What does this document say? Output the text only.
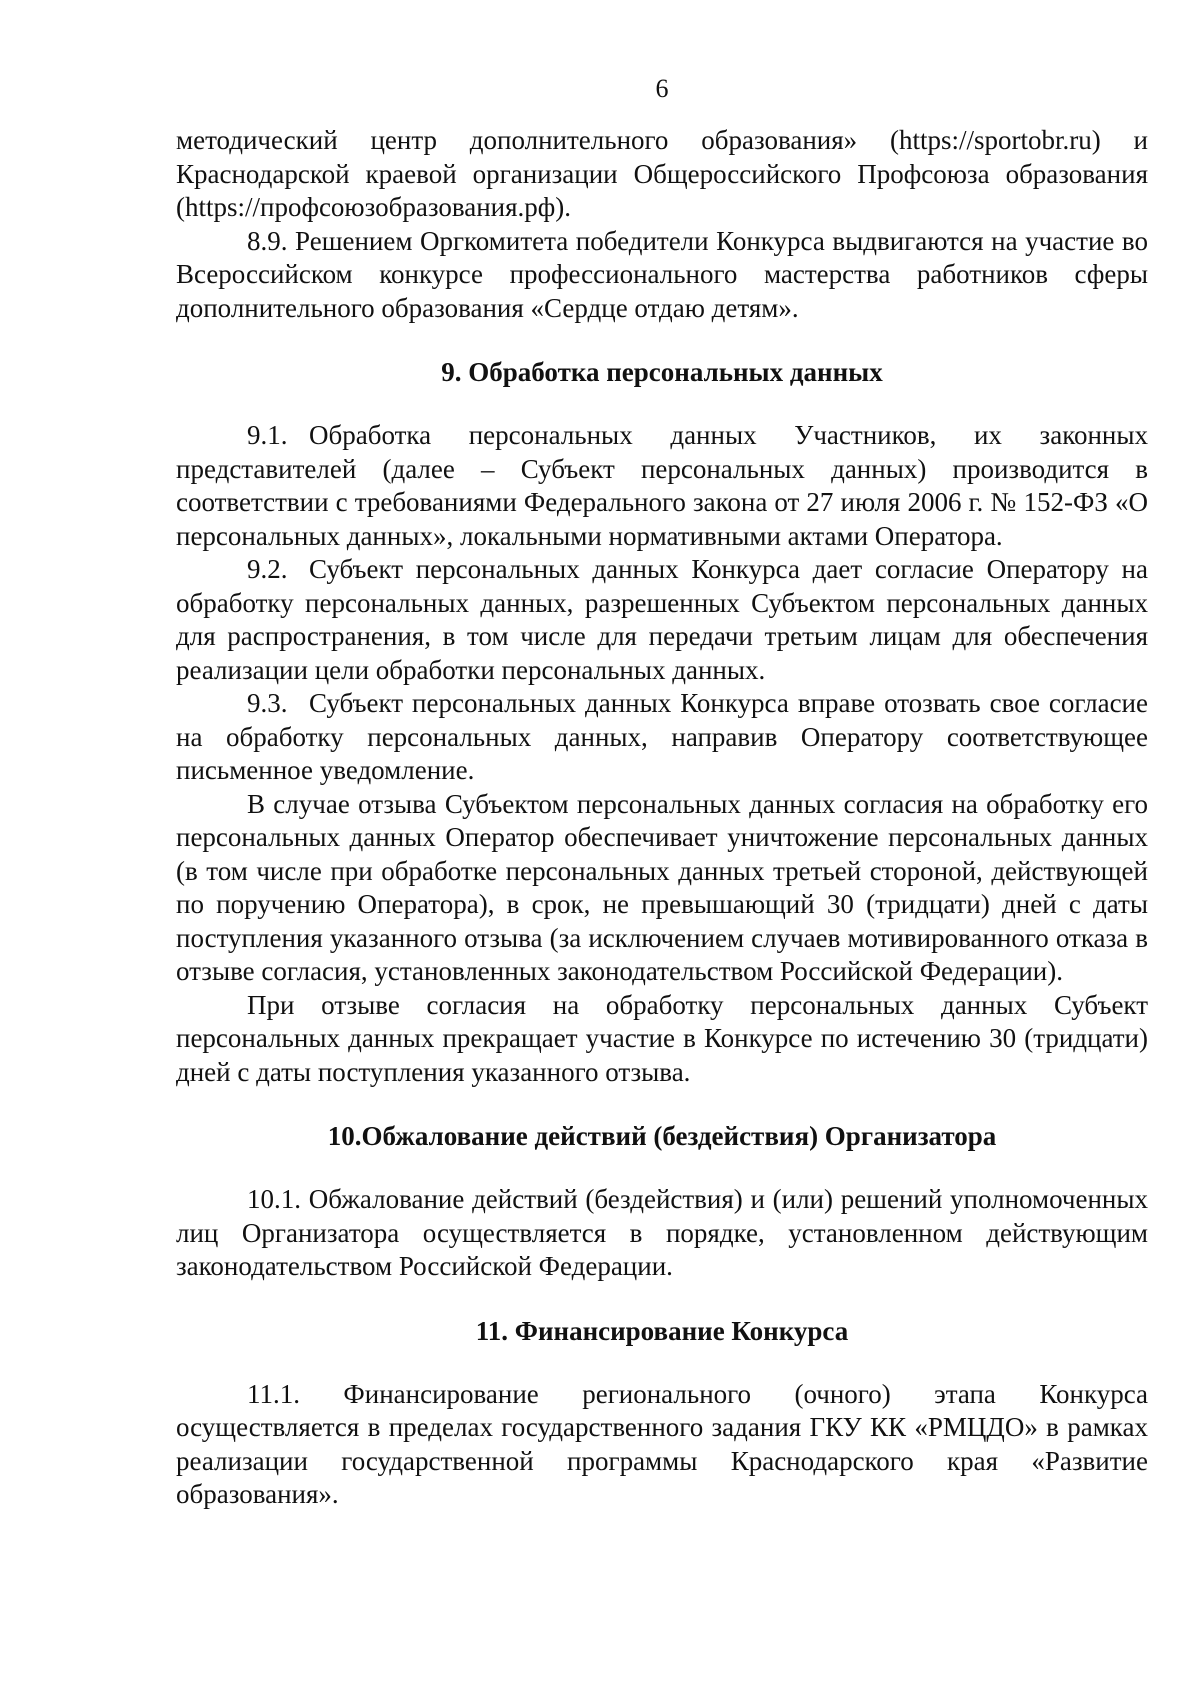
6

методический центр дополнительного образования» (https://sportobr.ru) и Краснодарской краевой организации Общероссийского Профсоюза образования (https://профсоюзобразования.рф).

8.9. Решением Оргкомитета победители Конкурса выдвигаются на участие во Всероссийском конкурсе профессионального мастерства работников сферы дополнительного образования «Сердце отдаю детям».

9. Обработка персональных данных

9.1. Обработка персональных данных Участников, их законных представителей (далее – Субъект персональных данных) производится в соответствии с требованиями Федерального закона от 27 июля 2006 г. № 152-ФЗ «О персональных данных», локальными нормативными актами Оператора.

9.2. Субъект персональных данных Конкурса дает согласие Оператору на обработку персональных данных, разрешенных Субъектом персональных данных для распространения, в том числе для передачи третьим лицам для обеспечения реализации цели обработки персональных данных.

9.3. Субъект персональных данных Конкурса вправе отозвать свое согласие на обработку персональных данных, направив Оператору соответствующее письменное уведомление.

В случае отзыва Субъектом персональных данных согласия на обработку его персональных данных Оператор обеспечивает уничтожение персональных данных (в том числе при обработке персональных данных третьей стороной, действующей по поручению Оператора), в срок, не превышающий 30 (тридцати) дней с даты поступления указанного отзыва (за исключением случаев мотивированного отказа в отзыве согласия, установленных законодательством Российской Федерации).

При отзыве согласия на обработку персональных данных Субъект персональных данных прекращает участие в Конкурсе по истечению 30 (тридцати) дней с даты поступления указанного отзыва.

10.Обжалование действий (бездействия) Организатора

10.1. Обжалование действий (бездействия) и (или) решений уполномоченных лиц Организатора осуществляется в порядке, установленном действующим законодательством Российской Федерации.

11. Финансирование Конкурса

11.1. Финансирование регионального (очного) этапа Конкурса осуществляется в пределах государственного задания ГКУ КК «РМЦДО» в рамках реализации государственной программы Краснодарского края «Развитие образования».
